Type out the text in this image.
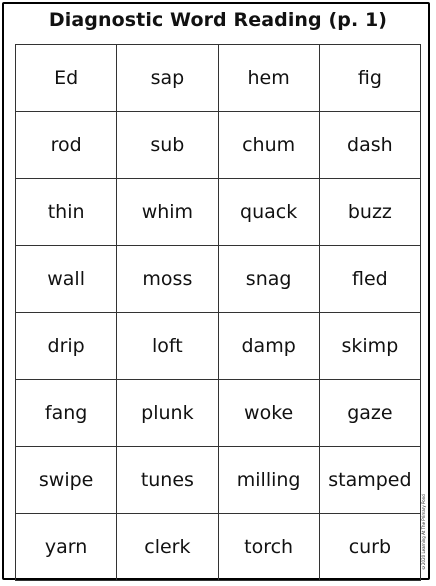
Diagnostic Word Reading (p. 1)
Ed	sap	hem	fig
rod	sub	chum	dash
thin	whim	quack	buzz
wall	moss	snag	fled
drip	loft	damp	skimp
fang	plunk	woke	gaze
swipe	tunes	milling	stamped
yarn	clerk	torch	curb	©2020 Learning At The Primary Pond
